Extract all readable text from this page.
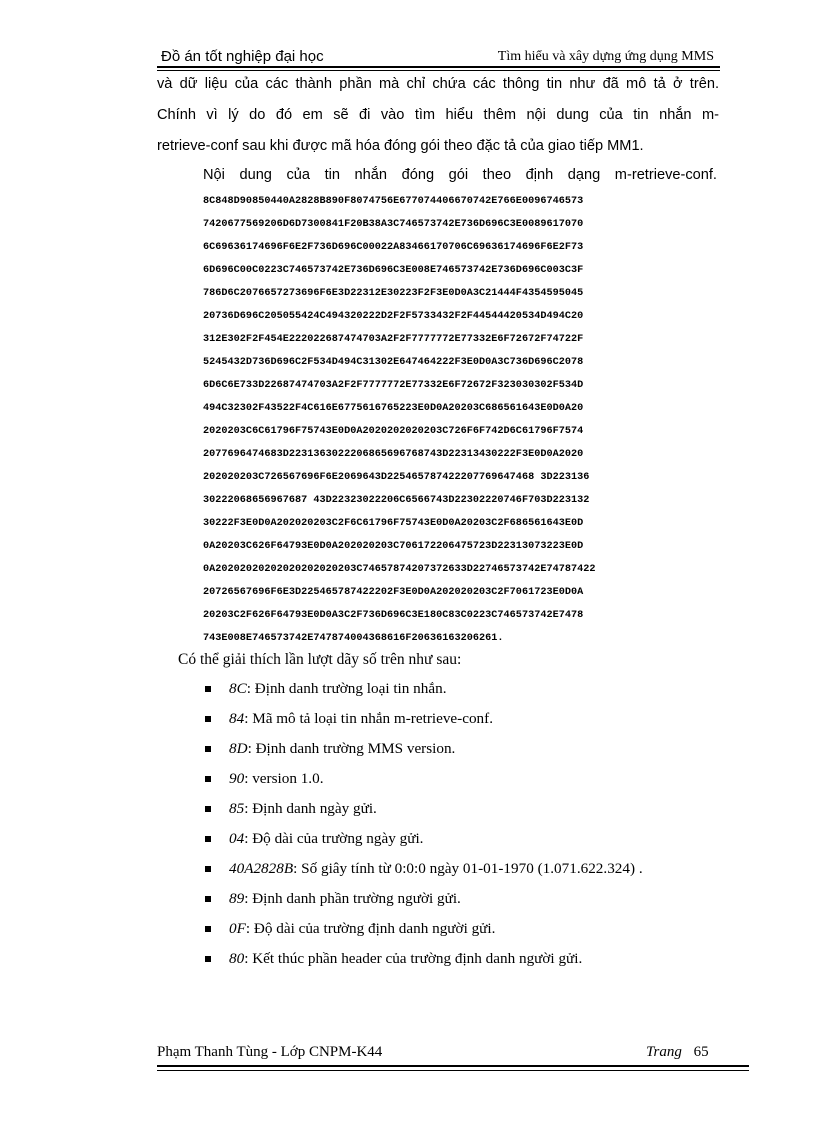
Đồ án tốt nghiệp đại học	Tìm hiểu và xây dựng ứng dụng MMS
và dữ liệu của các thành phần mà chỉ chứa các thông tin như đã mô tả ở trên.
Chính vì lý do đó em sẽ đi vào tìm hiểu thêm nội dung của tin nhắn m-
retrieve-conf sau khi được mã hóa đóng gói theo đặc tả của giao tiếp MM1.
Nội dung của tin nhắn đóng gói theo định dạng m-retrieve-conf.
8C848D90850440A2828B890F8074756E677074406670742E766E0096746573
7420677569206D6D7300841F20B38A3C746573742E736D696C3E0089617070
6C69636174696F6E2F736D696C00022A83466170706C69636174696F6E2F73
6D696C00C0223C746573742E736D696C3E008E746573742E736D696C003C3F
786D6C2076657273696F6E3D22312E30223F2F3E0D0A3C21444F4354595045
20736D696C205055424C494320222D2F2F5733432F2F44544420534D494C20
312E302F2F454E222022687474703A2F2F7777772E77332E6F72672F74722F
5245432D736D696C2F534D494C31302E647464222F3E0D0A3C736D696C2078
6D6C6E733D22687474703A2F2F7777772E77332E6F72672F323030302F534D
494C32302F43522F4C616E6775616765223E0D0A20203C686561643E0D0A20
2020203C6C61796F75743E0D0A2020202020203C726F6F742D6C61796F7574
2077696474683D2231363022206865696768743D22313430222F3E0D0A2020
202020203C726567696F6E2069643D225465787422207769647468 3D223136
30222068656967687 43D22323022206C6566743D22302220746F703D223132
30222F3E0D0A202020203C2F6C61796F75743E0D0A20203C2F686561643E0D
0A20203C626F64793E0D0A202020203C706172206475723D22313073223E0D
0A20202020202020202020203C74657874207372633D22746573742E74787422
20726567696F6E3D225465787422202F3E0D0A202020203C2F7061723E0D0A
20203C2F626F64793E0D0A3C2F736D696C3E180C83C0223C746573742E7478
743E008E746573742E747874004368616F20636163206261.
Có thể giải thích lần lượt dãy số trên như sau:
8C: Định danh trường loại tin nhắn.
84: Mã mô tả loại tin nhắn m-retrieve-conf.
8D: Định danh trường MMS version.
90: version 1.0.
85: Định danh ngày gửi.
04: Độ dài của trường ngày gửi.
40A2828B: Số giây tính từ 0:0:0 ngày 01-01-1970 (1.071.622.324) .
89: Định danh phần trường người gửi.
0F: Độ dài của trường định danh người gửi.
80: Kết thúc phần header của trường định danh người gửi.
Phạm Thanh Tùng - Lớp CNPM-K44	Trang 65
